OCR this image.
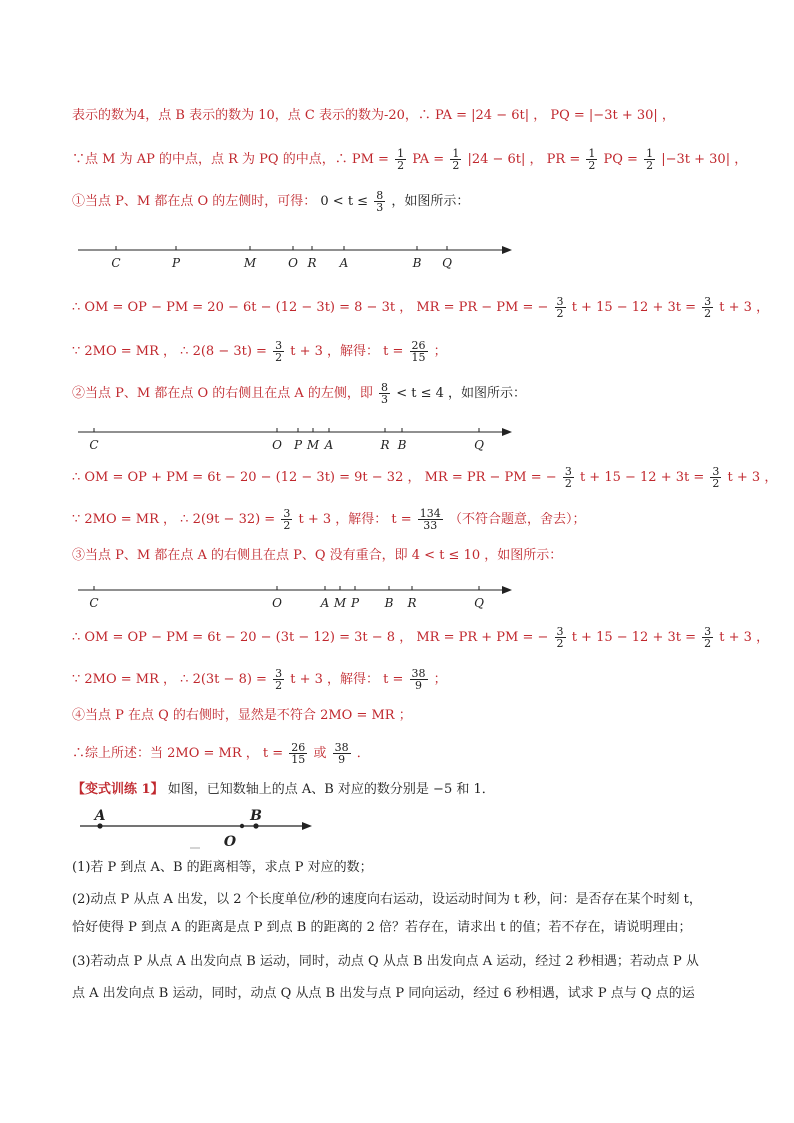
表示的数为4，点 B 表示的数为 10，点 C 表示的数为-20，∴ PA = |24 − 6t| ， PQ = |−3t + 30| ，
∵点 M 为 AP 的中点，点 R 为 PQ 的中点，∴ PM = $\frac{1}{2}$ PA = $\frac{1}{2} |24 - 6t|$ ， PR = $\frac{1}{2}$ PQ = $\frac{1}{2} |-3t + 30|$ ，
①当点 P、M 都在点 O 的左侧时，可得： $0 < t \le \frac{8}{3}$ ，如图所示：
C	P	M	O R A	B Q
∴ OM = OP − PM = 20 − 6t − (12 − 3t) = 8 − 3t ， MR = PR − PM = − $\frac{3}{2}$ $t + 15 - 12 + 3t = \frac{3}{2}$ t + 3 ，
∵ 2MO = MR ， ∴ $2(8 - 3t) = \frac{3}{2}$ t + 3 ，解得： $t = \frac{26}{15}$ ；
②当点 P、M 都在点 O 的右侧且在点 A 的左侧，即 $\frac{8}{3} < t \le 4$ ，如图所示：
C	O P M A	R B	Q
∴ OM = OP + PM = 6t − 20 − (12 − 3t) = 9t − 32 ， MR = PR − PM = − $\frac{3}{2}$ $t + 15 - 12 + 3t = \frac{3}{2}$ t + 3 ，
∵ 2MO = MR ， ∴ $2(9t - 32) = \frac{3}{2}$ t + 3 ，解得： $t = \frac{134}{33}$ （不符合题意，舍去）；
③当点 P、M 都在点 A 的右侧且在点 P、Q 没有重合，即 4 < t ≤ 10 ，如图所示：
C	O	A M P B R	Q
∴ OM = OP − PM = 6t − 20 − (3t − 12) = 3t − 8 ， MR = PR + PM = − $\frac{3}{2}$ $t + 15 - 12 + 3t = \frac{3}{2}$ t + 3 ，
∵ 2MO = MR ， ∴ $2(3t - 8) = \frac{3}{2}$ t + 3 ，解得： $t = \frac{38}{9}$ ；
④当点 P 在点 Q 的右侧时，显然是不符合 2MO = MR ；
∴综上所述：当 2MO = MR ， $t = \frac{26}{15}$ 或 $\frac{38}{9}$ ．
【变式训练 1】 如图，已知数轴上的点 A、B 对应的数分别是 −5 和 1．
A
O
B
(1)若 P 到点 A、B 的距离相等，求点 P 对应的数；
(2)动点 P 从点 A 出发，以 2 个长度单位/秒的速度向右运动，设运动时间为 t 秒，问：是否存在某个时刻 t，
恰好使得 P 到点 A 的距离是点 P 到点 B 的距离的 2 倍？若存在，请求出 t 的值；若不存在，请说明理由；
(3)若动点 P 从点 A 出发向点 B 运动，同时，动点 Q 从点 B 出发向点 A 运动，经过 2 秒相遇；若动点 P 从
点 A 出发向点 B 运动，同时，动点 Q 从点 B 出发与点 P 同向运动，经过 6 秒相遇，试求 P 点与 Q 点的运
